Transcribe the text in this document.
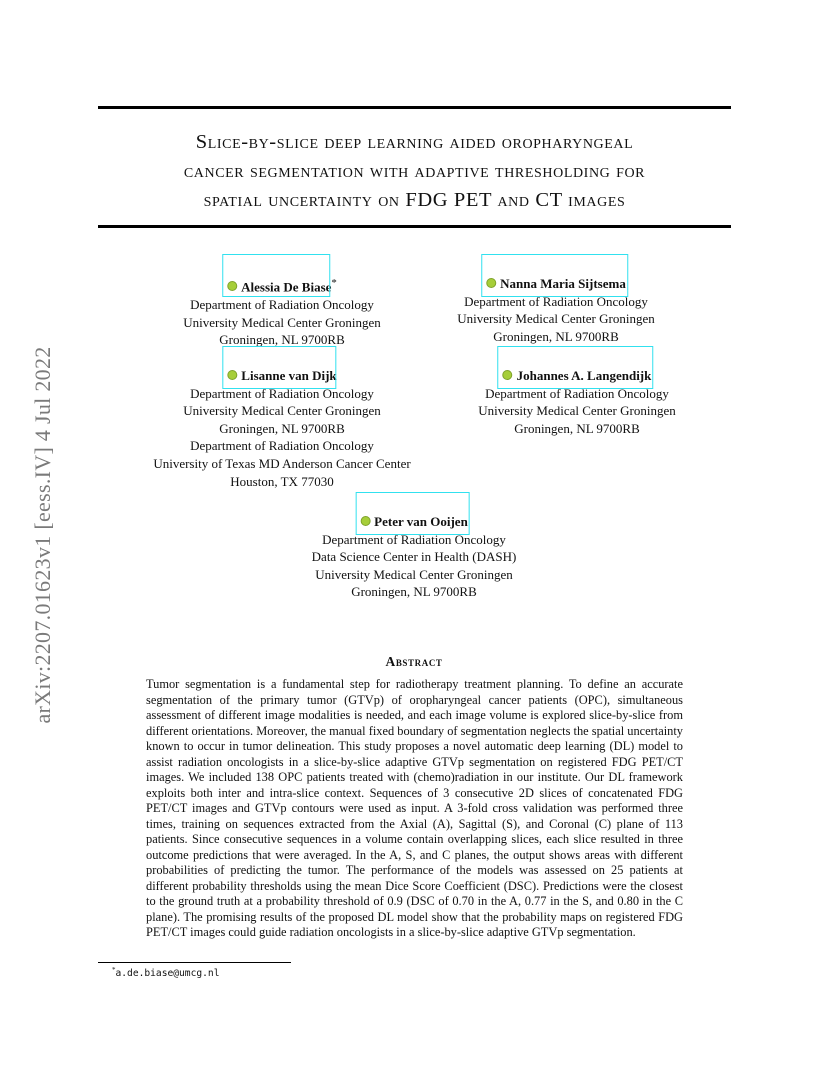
Slice-by-slice deep learning aided oropharyngeal
cancer segmentation with adaptive thresholding for
spatial uncertainty on FDG PET and CT images
arXiv:2207.01623v1 [eess.IV] 4 Jul 2022
Alessia De Biase*
Department of Radiation Oncology
University Medical Center Groningen
Groningen, NL 9700RB
Nanna Maria Sijtsema
Department of Radiation Oncology
University Medical Center Groningen
Groningen, NL 9700RB
Lisanne van Dijk
Department of Radiation Oncology
University Medical Center Groningen
Groningen, NL 9700RB
Department of Radiation Oncology
University of Texas MD Anderson Cancer Center
Houston, TX 77030
Johannes A. Langendijk
Department of Radiation Oncology
University Medical Center Groningen
Groningen, NL 9700RB
Peter van Ooijen
Department of Radiation Oncology
Data Science Center in Health (DASH)
University Medical Center Groningen
Groningen, NL 9700RB
Abstract
Tumor segmentation is a fundamental step for radiotherapy treatment planning. To define an accurate segmentation of the primary tumor (GTVp) of oropharyngeal cancer patients (OPC), simultaneous assessment of different image modalities is needed, and each image volume is explored slice-by-slice from different orientations. Moreover, the manual fixed boundary of segmentation neglects the spatial uncertainty known to occur in tumor delineation. This study proposes a novel automatic deep learning (DL) model to assist radiation oncologists in a slice-by-slice adaptive GTVp segmentation on registered FDG PET/CT images. We included 138 OPC patients treated with (chemo)radiation in our institute. Our DL framework exploits both inter and intra-slice context. Sequences of 3 consecutive 2D slices of concatenated FDG PET/CT images and GTVp contours were used as input. A 3-fold cross validation was performed three times, training on sequences extracted from the Axial (A), Sagittal (S), and Coronal (C) plane of 113 patients. Since consecutive sequences in a volume contain overlapping slices, each slice resulted in three outcome predictions that were averaged. In the A, S, and C planes, the output shows areas with different probabilities of predicting the tumor. The performance of the models was assessed on 25 patients at different probability thresholds using the mean Dice Score Coefficient (DSC). Predictions were the closest to the ground truth at a probability threshold of 0.9 (DSC of 0.70 in the A, 0.77 in the S, and 0.80 in the C plane). The promising results of the proposed DL model show that the probability maps on registered FDG PET/CT images could guide radiation oncologists in a slice-by-slice adaptive GTVp segmentation.
*a.de.biase@umcg.nl
